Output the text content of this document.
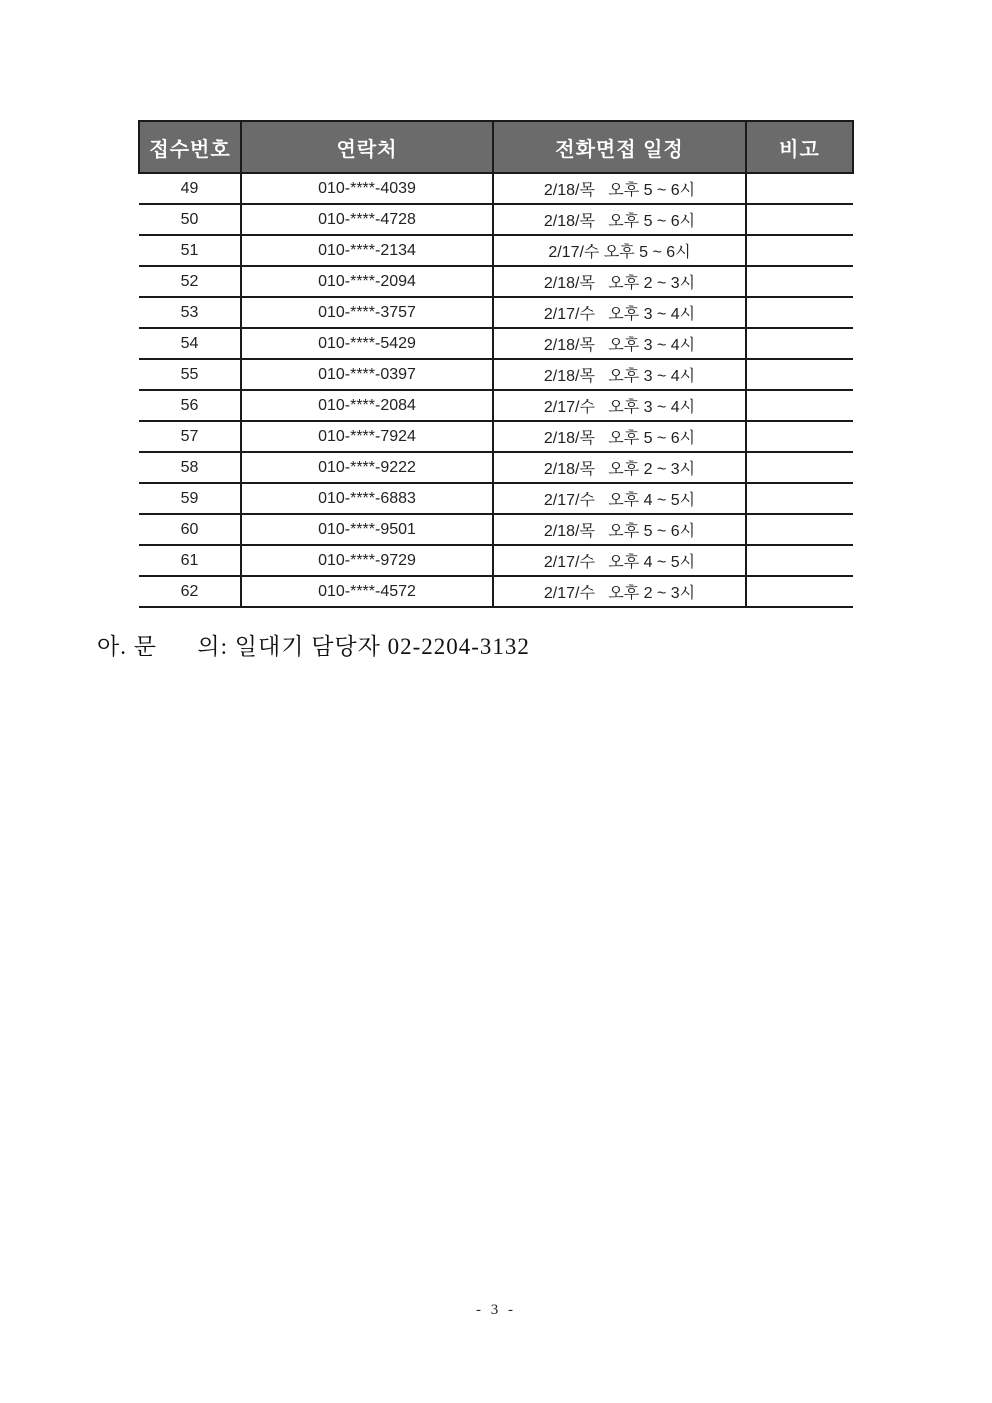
접수번호	연락처	전화면접 일정	비고
49	010-****-4039	2/18/목   오후 5 ~ 6시	
50	010-****-4728	2/18/목   오후 5 ~ 6시	
51	010-****-2134	2/17/수 오후 5 ~ 6시	
52	010-****-2094	2/18/목   오후 2 ~ 3시	
53	010-****-3757	2/17/수   오후 3 ~ 4시	
54	010-****-5429	2/18/목   오후 3 ~ 4시	
55	010-****-0397	2/18/목   오후 3 ~ 4시	
56	010-****-2084	2/17/수   오후 3 ~ 4시	
57	010-****-7924	2/18/목   오후 5 ~ 6시	
58	010-****-9222	2/18/목   오후 2 ~ 3시	
59	010-****-6883	2/17/수   오후 4 ~ 5시	
60	010-****-9501	2/18/목   오후 5 ~ 6시	
61	010-****-9729	2/17/수   오후 4 ~ 5시	
62	010-****-4572	2/17/수   오후 2 ~ 3시	
아. 문      의: 일대기 담당자 02-2204-3132
- 3 -
